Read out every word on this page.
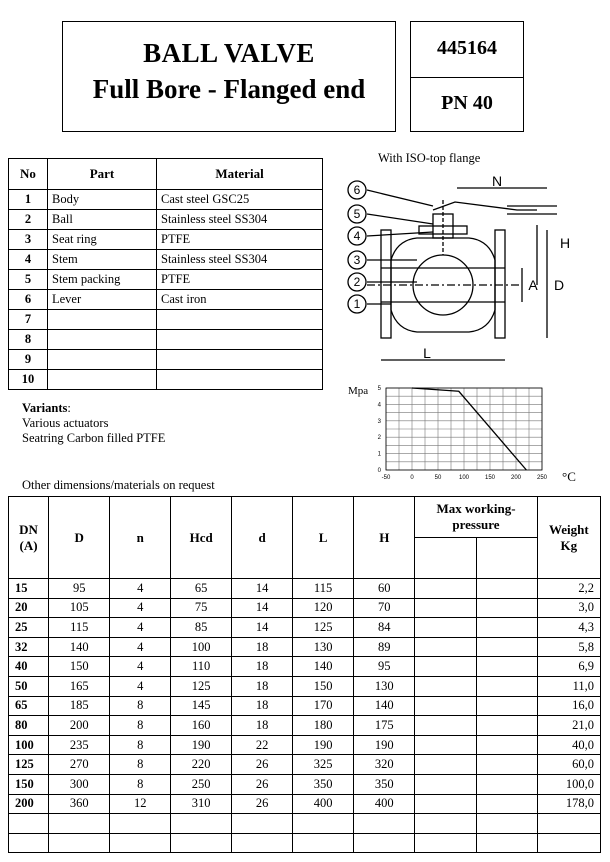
BALL VALVE
Full Bore - Flanged end
445164
PN 40
No	Part	Material
1	Body	Cast steel GSC25
2	Ball	Stainless steel SS304
3	Seat ring	PTFE
4	Stem	Stainless steel SS304
5	Stem packing	PTFE
6	Lever	Cast iron
7		
8		
9		
10		
Variants:
Various actuators
Seatring Carbon filled PTFE
Other dimensions/materials on request
With ISO-top flange
6
5
4
3
2
1
N
H
A D
L
-50	0	50	100	150	200	250
0
1
2
3
4
5
Mpa
°C
DN
(A)	D	n	Hcd	d	L	H	Max working-pressure		Weight
Kg

15	95	4	65	14	115	60			2,2
20	105	4	75	14	120	70			3,0
25	115	4	85	14	125	84			4,3
32	140	4	100	18	130	89			5,8
40	150	4	110	18	140	95			6,9
50	165	4	125	18	150	130			11,0
65	185	8	145	18	170	140			16,0
80	200	8	160	18	180	175			21,0
100	235	8	190	22	190	190			40,0
125	270	8	220	26	325	320			60,0
150	300	8	250	26	350	350			100,0
200	360	12	310	26	400	400			178,0
